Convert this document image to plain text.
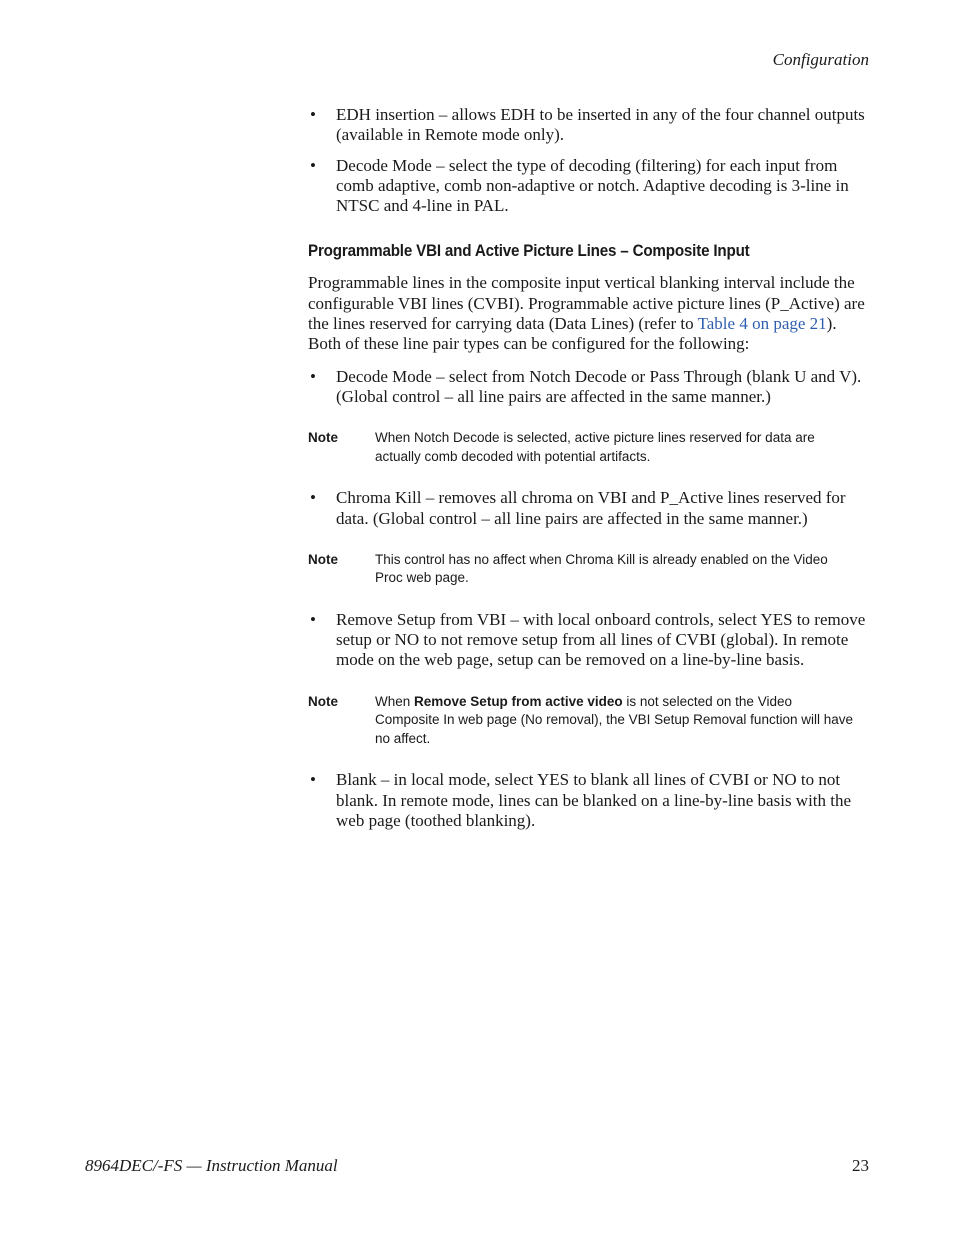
Configuration
• EDH insertion – allows EDH to be inserted in any of the four channel outputs (available in Remote mode only).
• Decode Mode – select the type of decoding (filtering) for each input from comb adaptive, comb non-adaptive or notch. Adaptive decoding is 3-line in NTSC and 4-line in PAL.
Programmable VBI and Active Picture Lines – Composite Input

Programmable lines in the composite input vertical blanking interval include the configurable VBI lines (CVBI). Programmable active picture lines (P_Active) are the lines reserved for carrying data (Data Lines) (refer to Table 4 on page 21). Both of these line pair types can be configured for the following:

• Decode Mode – select from Notch Decode or Pass Through (blank U and V). (Global control – all line pairs are affected in the same manner.)
Note	When Notch Decode is selected, active picture lines reserved for data are actually comb decoded with potential artifacts.
• Chroma Kill – removes all chroma on VBI and P_Active lines reserved for data. (Global control – all line pairs are affected in the same manner.)
Note	This control has no affect when Chroma Kill is already enabled on the Video Proc web page.
• Remove Setup from VBI – with local onboard controls, select YES to remove setup or NO to not remove setup from all lines of CVBI (global). In remote mode on the web page, setup can be removed on a line-by-line basis.
Note	When Remove Setup from active video is not selected on the Video Composite In web page (No removal), the VBI Setup Removal function will have no affect.
• Blank – in local mode, select YES to blank all lines of CVBI or NO to not blank. In remote mode, lines can be blanked on a line-by-line basis with the web page (toothed blanking).
8964DEC/-FS — Instruction Manual	23
